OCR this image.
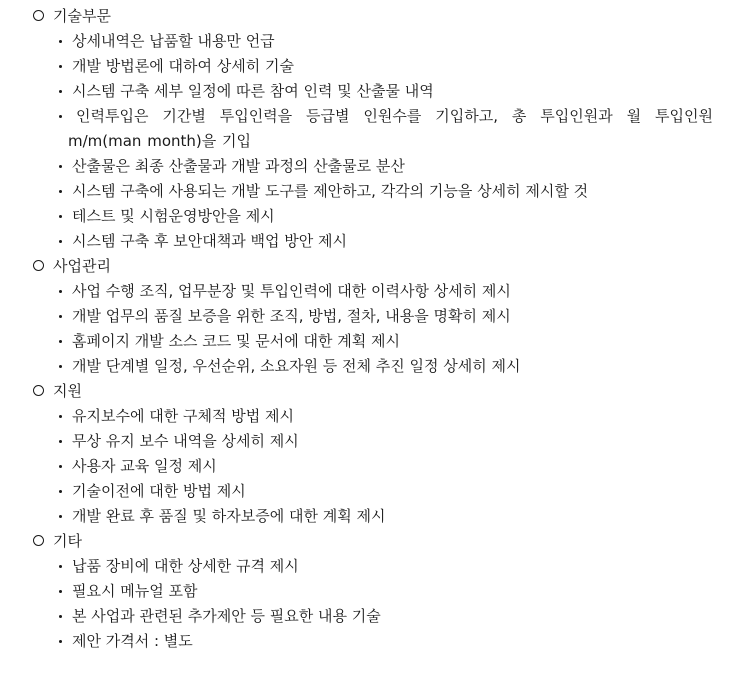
기술부문
상세내역은 납품할 내용만 언급
개발 방법론에 대하여 상세히 기술
시스템 구축 세부 일정에 따른 참여 인력 및 산출물 내역
인력투입은 기간별 투입인력을 등급별 인원수를 기입하고, 총 투입인원과 월 투입인원
m/m(man month)을 기입
산출물은 최종 산출물과 개발 과정의 산출물로 분산
시스템 구축에 사용되는 개발 도구를 제안하고, 각각의 기능을 상세히 제시할 것
테스트 및 시험운영방안을 제시
시스템 구축 후 보안대책과 백업 방안 제시
사업관리
사업 수행 조직, 업무분장 및 투입인력에 대한 이력사항 상세히 제시
개발 업무의 품질 보증을 위한 조직, 방법, 절차, 내용을 명확히 제시
홈페이지 개발 소스 코드 및 문서에 대한 계획 제시
개발 단계별 일정, 우선순위, 소요자원 등 전체 추진 일정 상세히 제시
지원
유지보수에 대한 구체적 방법 제시
무상 유지 보수 내역을 상세히 제시
사용자 교육 일정 제시
기술이전에 대한 방법 제시
개발 완료 후 품질 및 하자보증에 대한 계획 제시
기타
납품 장비에 대한 상세한 규격 제시
필요시 메뉴얼 포함
본 사업과 관련된 추가제안 등 필요한 내용 기술
제안 가격서 : 별도
